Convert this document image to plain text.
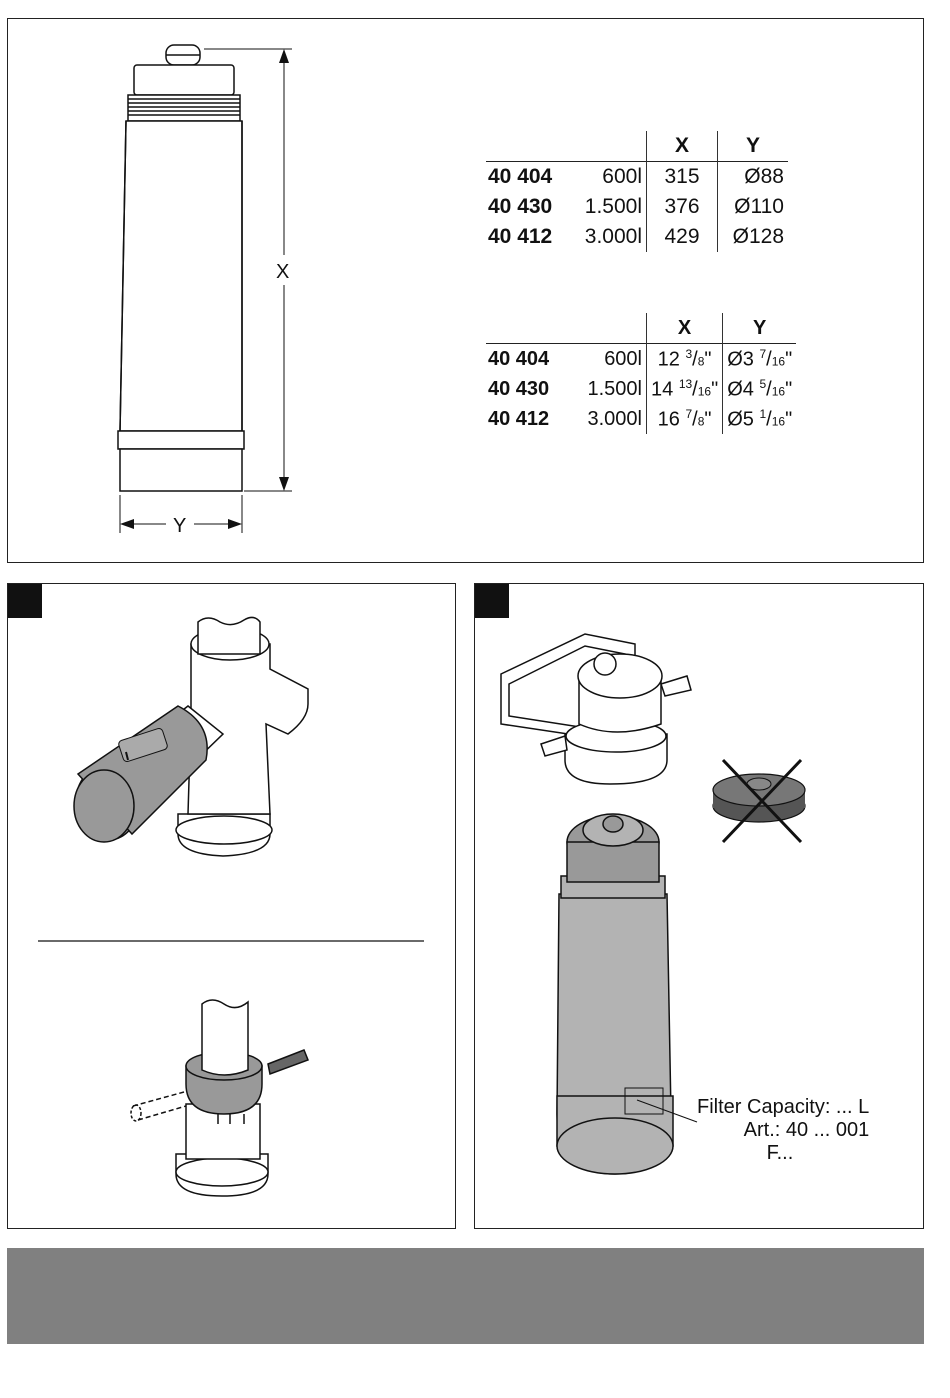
X
Y
		X	Y
40 404	600l	315	Ø88
40 430	1.500l	376	Ø110
40 412	3.000l	429	Ø128
		X	Y
40 404	600l	12 $^3$/8"	Ø3 $^7$/16"
40 430	1.500l	14 $^{13}$/16"	Ø4 $^5$/16"
40 412	3.000l	16 $^7$/8"	Ø5 $^1$/16"
Filter Capacity: ... L
Art.: 40 ... 001
F...
